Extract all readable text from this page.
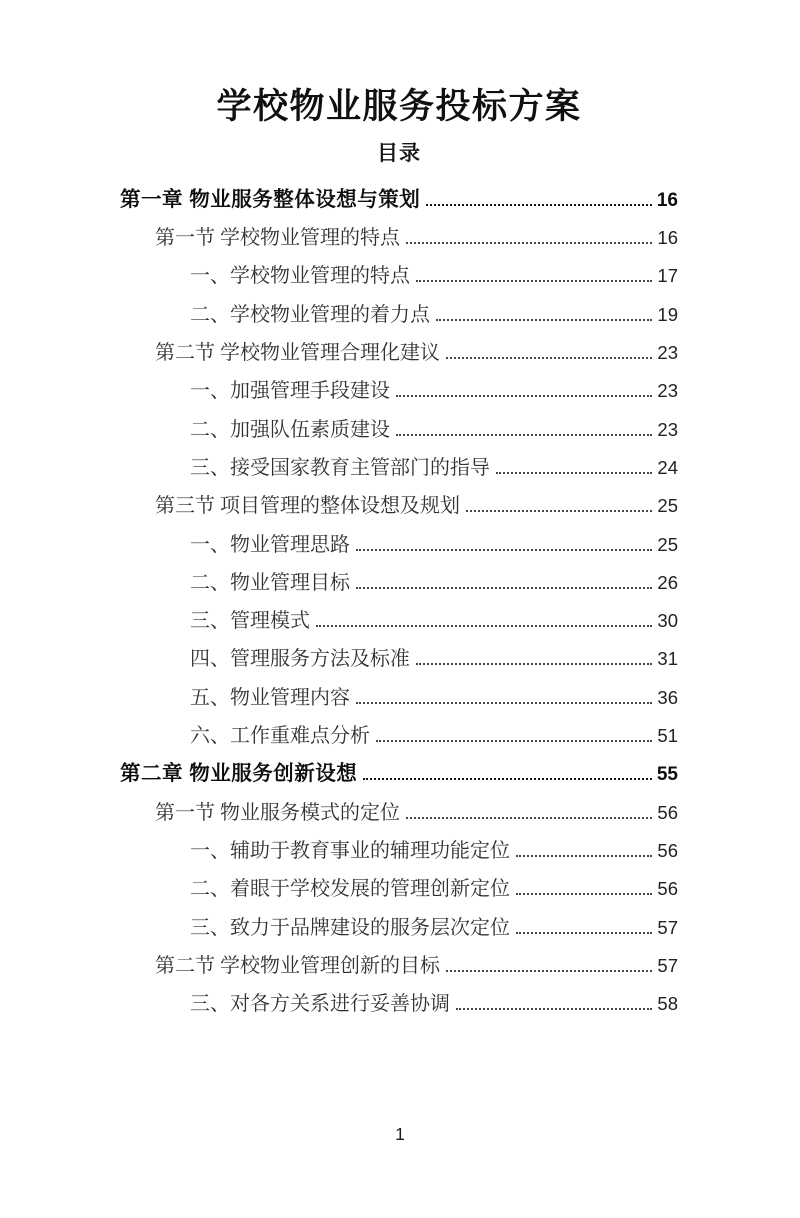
学校物业服务投标方案
目录
第一章 物业服务整体设想与策划	16
第一节 学校物业管理的特点	16
一、学校物业管理的特点	17
二、学校物业管理的着力点	19
第二节 学校物业管理合理化建议	23
一、加强管理手段建设	23
二、加强队伍素质建设	23
三、接受国家教育主管部门的指导	24
第三节 项目管理的整体设想及规划	25
一、物业管理思路	25
二、物业管理目标	26
三、管理模式	30
四、管理服务方法及标准	31
五、物业管理内容	36
六、工作重难点分析	51
第二章 物业服务创新设想	55
第一节 物业服务模式的定位	56
一、辅助于教育事业的辅理功能定位	56
二、着眼于学校发展的管理创新定位	56
三、致力于品牌建设的服务层次定位	57
第二节 学校物业管理创新的目标	57
三、对各方关系进行妥善协调	58
1
